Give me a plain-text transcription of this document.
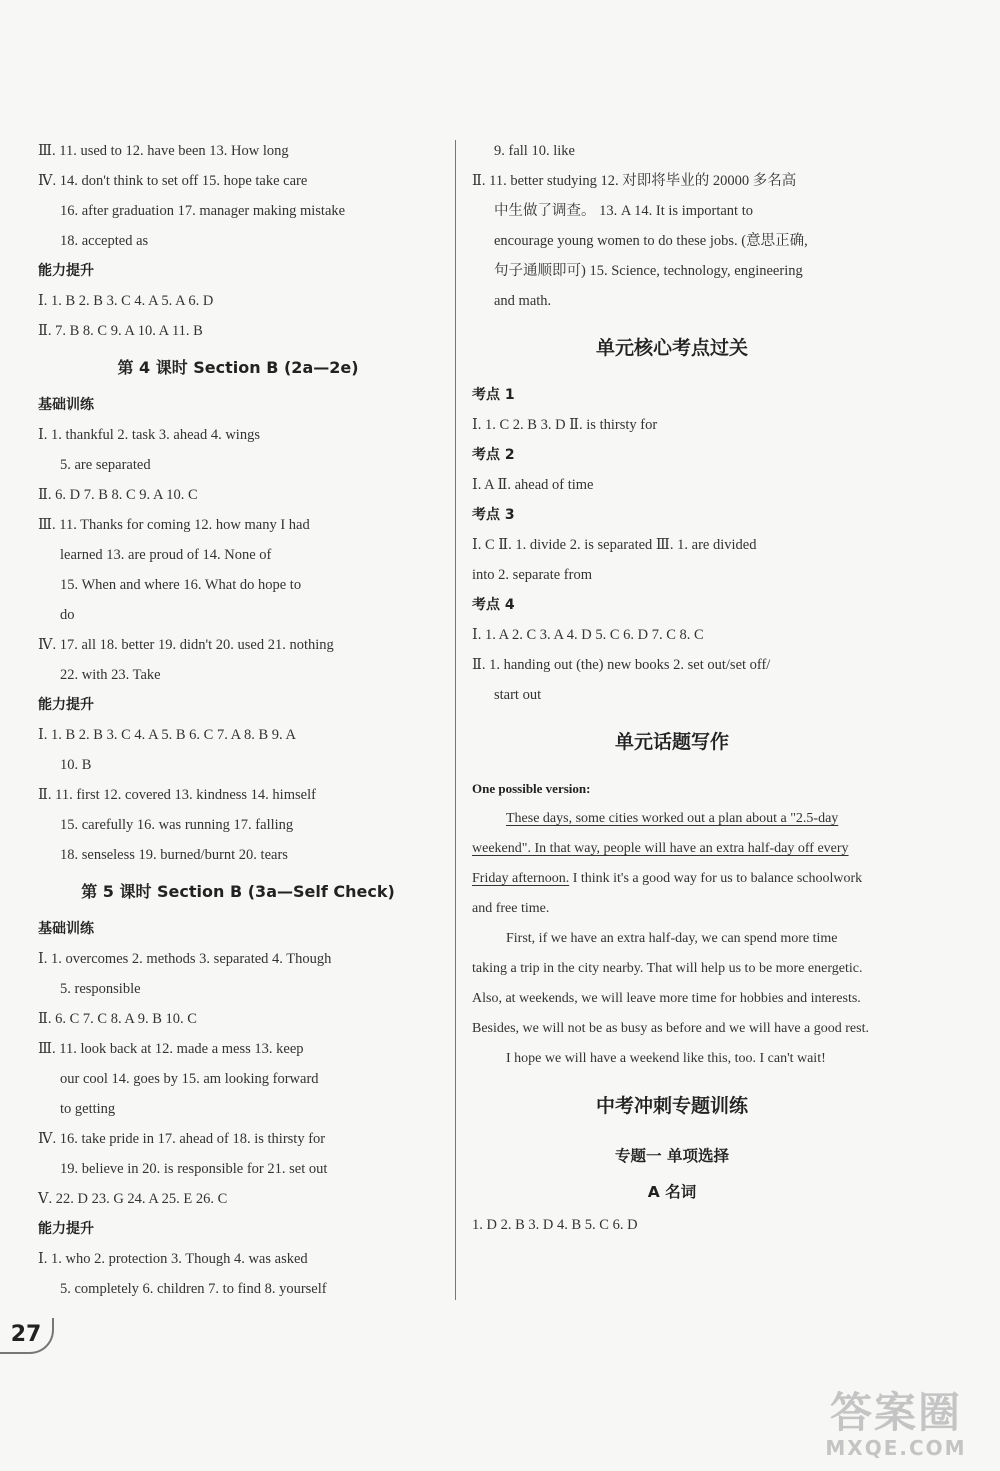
Ⅲ. 11. used to 12. have been 13. How long
Ⅳ. 14. don't think to set off 15. hope take care
16. after graduation 17. manager making mistake
18. accepted as
能力提升
Ⅰ. 1. B 2. B 3. C 4. A 5. A 6. D
Ⅱ. 7. B 8. C 9. A 10. A 11. B
第 4 课时 Section B (2a—2e)
基础训练
Ⅰ. 1. thankful 2. task 3. ahead 4. wings
5. are separated
Ⅱ. 6. D 7. B 8. C 9. A 10. C
Ⅲ. 11. Thanks for coming 12. how many I had
learned 13. are proud of 14. None of
15. When and where 16. What do hope to
do
Ⅳ. 17. all 18. better 19. didn't 20. used 21. nothing
22. with 23. Take
能力提升
Ⅰ. 1. B 2. B 3. C 4. A 5. B 6. C 7. A 8. B 9. A
10. B
Ⅱ. 11. first 12. covered 13. kindness 14. himself
15. carefully 16. was running 17. falling
18. senseless 19. burned/burnt 20. tears
第 5 课时 Section B (3a—Self Check)
基础训练
Ⅰ. 1. overcomes 2. methods 3. separated 4. Though
5. responsible
Ⅱ. 6. C 7. C 8. A 9. B 10. C
Ⅲ. 11. look back at 12. made a mess 13. keep
our cool 14. goes by 15. am looking forward
to getting
Ⅳ. 16. take pride in 17. ahead of 18. is thirsty for
19. believe in 20. is responsible for 21. set out
Ⅴ. 22. D 23. G 24. A 25. E 26. C
能力提升
Ⅰ. 1. who 2. protection 3. Though 4. was asked
5. completely 6. children 7. to find 8. yourself
9. fall 10. like
Ⅱ. 11. better studying 12. 对即将毕业的 20000 多名高
中生做了调查。 13. A 14. It is important to
encourage young women to do these jobs. (意思正确,
句子通顺即可) 15. Science, technology, engineering
and math.
单元核心考点过关
考点 1
Ⅰ. 1. C 2. B 3. D Ⅱ. is thirsty for
考点 2
Ⅰ. A Ⅱ. ahead of time
考点 3
Ⅰ. C Ⅱ. 1. divide 2. is separated Ⅲ. 1. are divided
into 2. separate from
考点 4
Ⅰ. 1. A 2. C 3. A 4. D 5. C 6. D 7. C 8. C
Ⅱ. 1. handing out (the) new books 2. set out/set off/
start out
单元话题写作
One possible version:

These days, some cities worked out a plan about a "2.5-day weekend". In that way, people will have an extra half-day off every Friday afternoon. I think it's a good way for us to balance schoolwork and free time.

First, if we have an extra half-day, we can spend more time taking a trip in the city nearby. That will help us to be more energetic. Also, at weekends, we will leave more time for hobbies and interests. Besides, we will not be as busy as before and we will have a good rest.

I hope we will have a weekend like this, too. I can't wait!

中考冲刺专题训练
专题一 单项选择
A 名词
1. D 2. B 3. D 4. B 5. C 6. D
27
答案圈
MXQE.COM
